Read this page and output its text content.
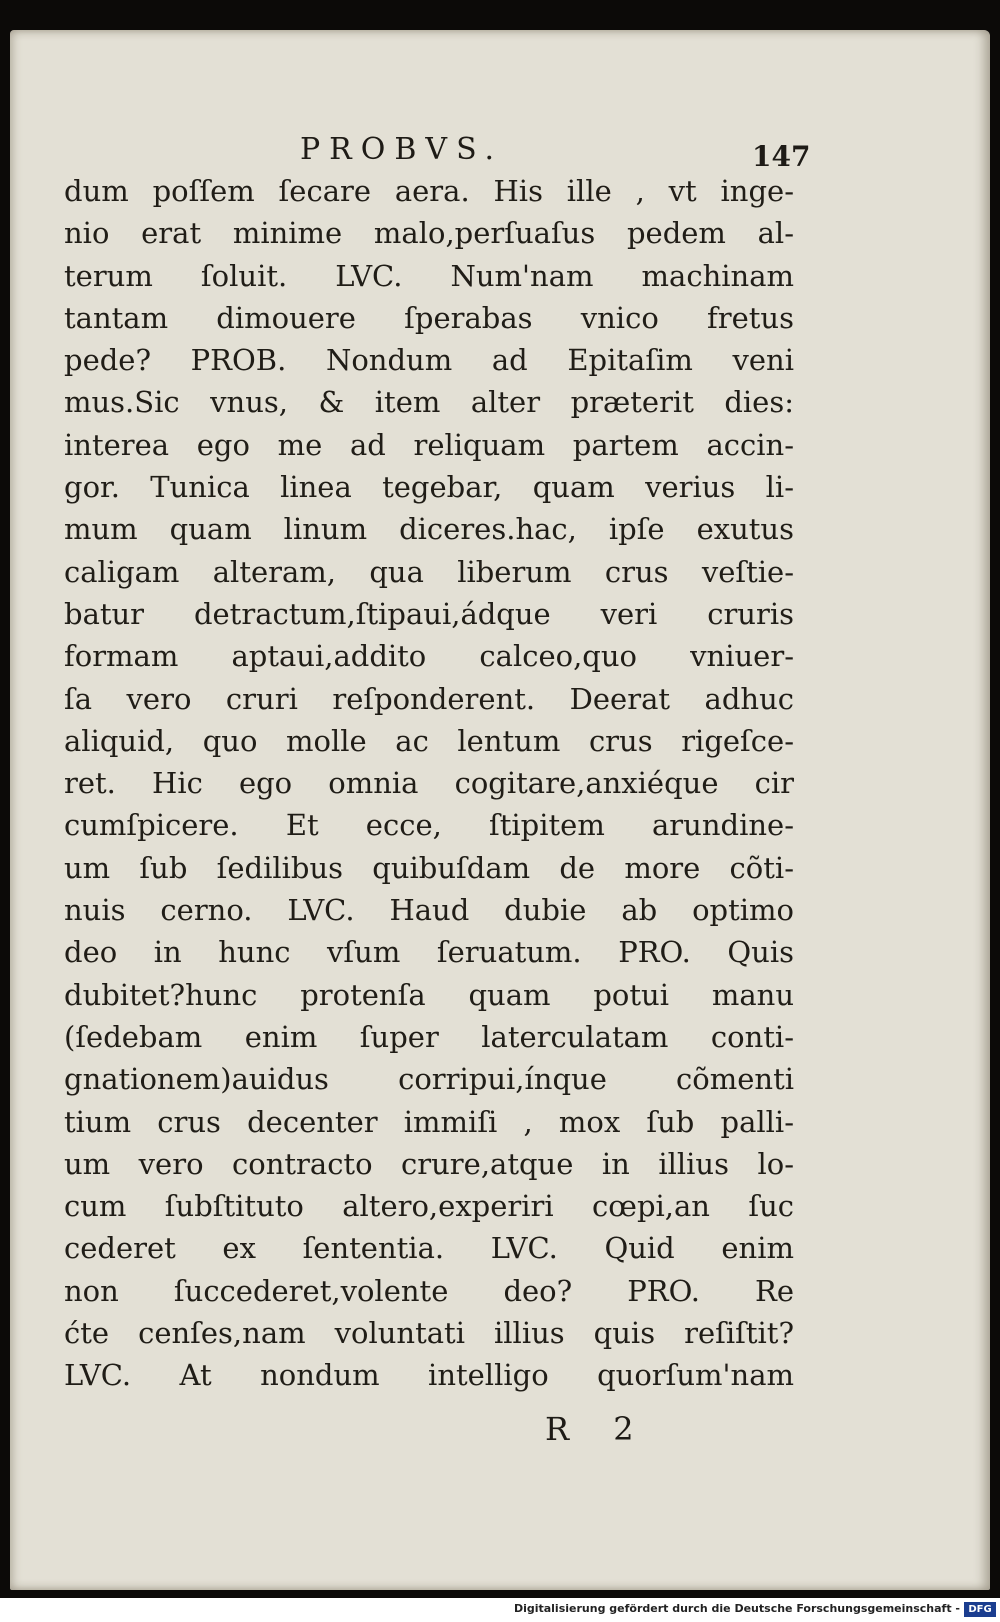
PROBVS.	147
dum poſſem ſecare aera. His ille , vt inge-
nio erat minime malo,perſuaſus pedem al-
terum ſoluit. LVC. Num'nam machinam
tantam dimouere ſperabas vnico fretus
pede? PROB. Nondum ad Epitaſim veni
mus.Sic vnus, & item alter præterit dies:
interea ego me ad reliquam partem accin-
gor. Tunica linea tegebar, quam verius li-
mum quam linum diceres.hac, ipſe exutus
caligam alteram, qua liberum crus veſtie-
batur detractum,ſtipaui,ádque veri cruris
formam aptaui,addito calceo,quo vniuer-
ſa vero cruri reſponderent. Deerat adhuc
aliquid, quo molle ac lentum crus rigeſce-
ret. Hic ego omnia cogitare,anxiéque cir
cumſpicere. Et ecce, ſtipitem arundine-
um ſub ſedilibus quibuſdam de more cõti-
nuis cerno. LVC. Haud dubie ab optimo
deo in hunc vſum ſeruatum. PRO. Quis
dubitet?hunc protenſa quam potui manu
(ſedebam enim ſuper laterculatam conti-
gnationem)auidus corripui,ínque cõmenti
tium crus decenter immiſi , mox ſub palli-
um vero contracto crure,atque in illius lo-
cum ſubſtituto altero,experiri cœpi,an ſuc
cederet ex ſententia. LVC. Quid enim
non ſuccederet,volente deo? PRO. Re
ćte cenſes,nam voluntati illius quis reſiſtit?
LVC. At nondum intelligo quorſum'nam
R 2
Digitalisierung gefördert durch die Deutsche Forschungsgemeinschaft - DFG
